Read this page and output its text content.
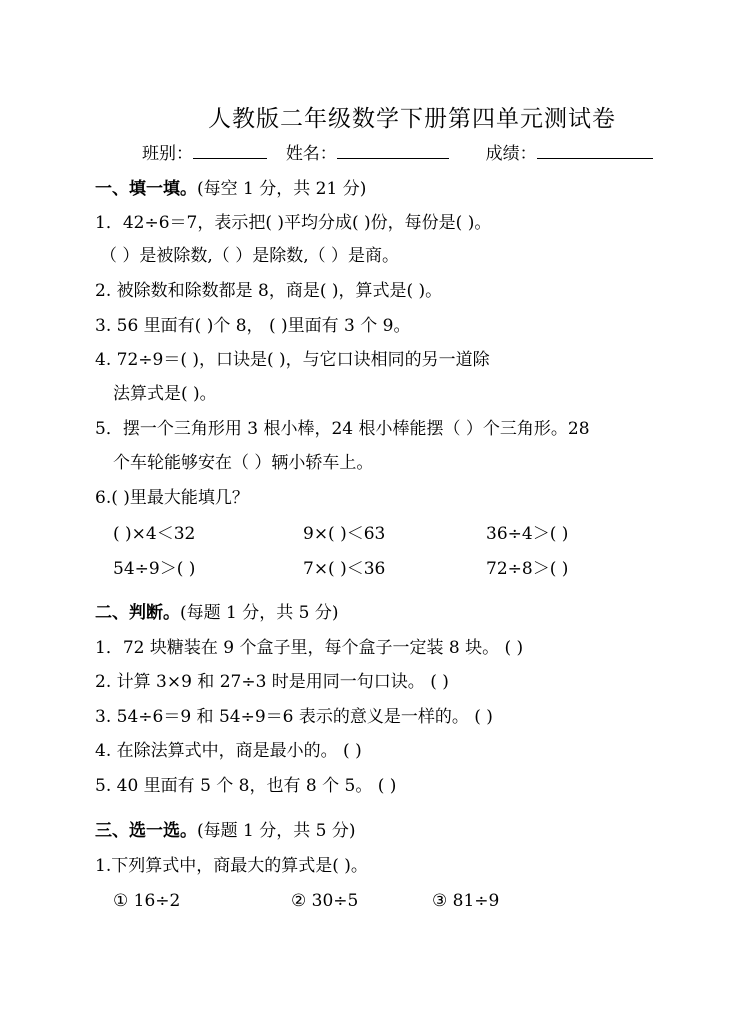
人教版二年级数学下册第四单元测试卷
班别：	姓名：	成绩：
一、填一填。(每空 1 分，共 21 分)
1．42÷6＝7，表示把( )平均分成( )份，每份是( )。
（ ）是被除数,（ ）是除数,（ ）是商。
2. 被除数和除数都是 8，商是( )，算式是( )。
3. 56 里面有( )个 8， ( )里面有 3 个 9。
4. 72÷9＝( )，口诀是( )，与它口诀相同的另一道除
法算式是( )。
5．摆一个三角形用 3 根小棒，24 根小棒能摆（ ）个三角形。28
个车轮能够安在（ ）辆小轿车上。
6.( )里最大能填几？
( )×4＜32	9×( )＜63	36÷4＞( )
54÷9＞( )	7×( )＜36	72÷8＞( )
二、判断。(每题 1 分，共 5 分)
1．72 块糖装在 9 个盒子里，每个盒子一定装 8 块。 ( )
2. 计算 3×9 和 27÷3 时是用同一句口诀。 ( )
3. 54÷6＝9 和 54÷9＝6 表示的意义是一样的。 ( )
4. 在除法算式中，商是最小的。 ( )
5. 40 里面有 5 个 8，也有 8 个 5。 ( )
三、选一选。(每题 1 分，共 5 分)
1.下列算式中，商最大的算式是( )。
① 16÷2	② 30÷5	③ 81÷9
